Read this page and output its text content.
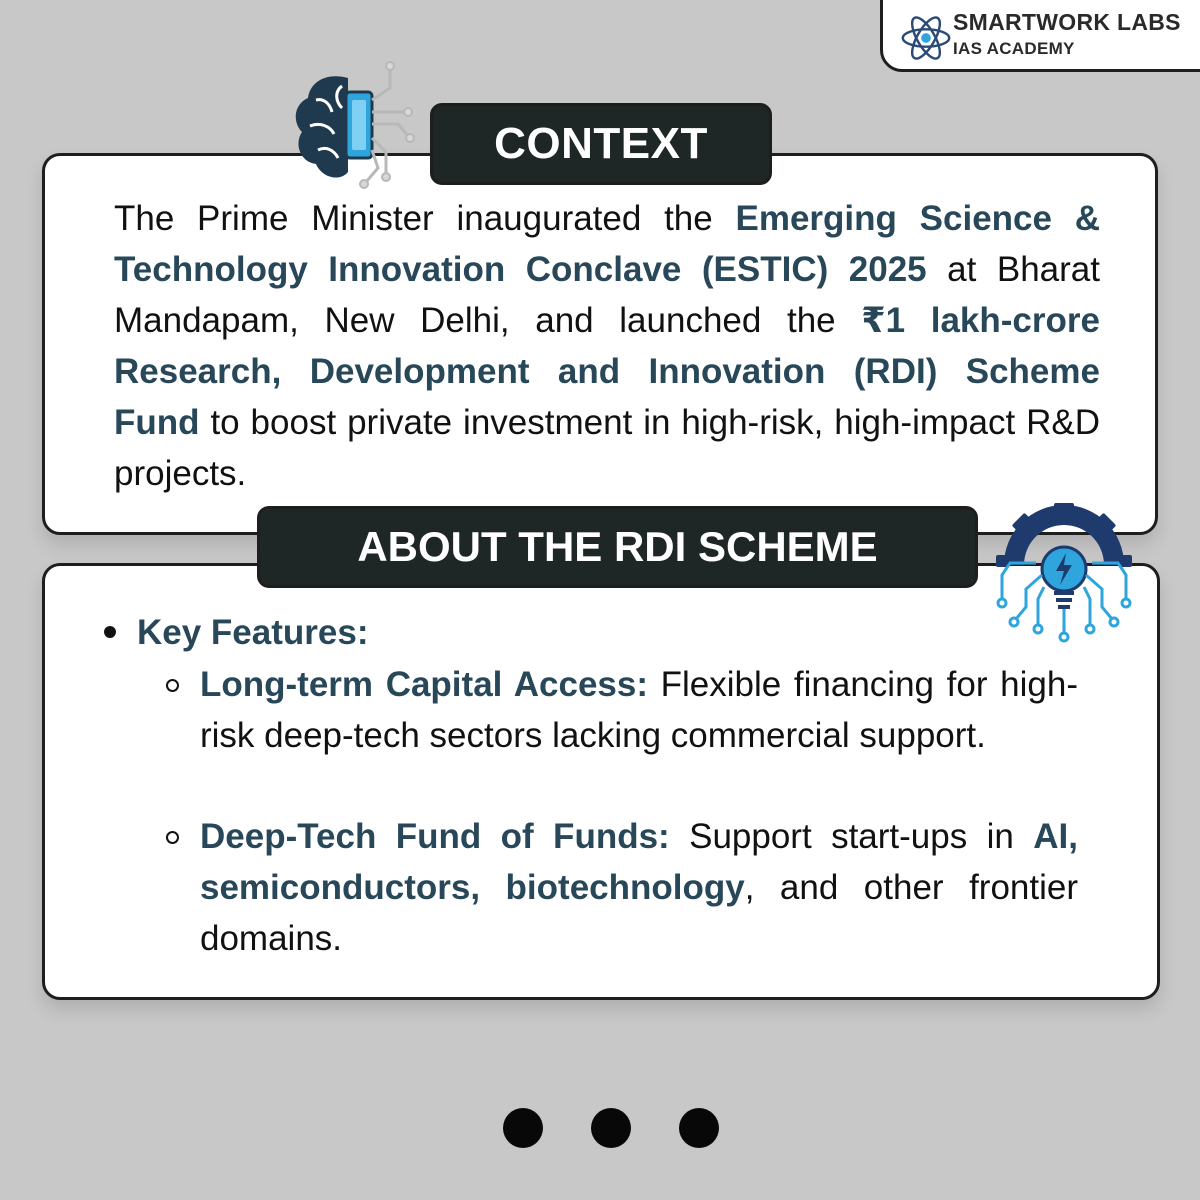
SMARTWORK LABS
IAS ACADEMY
CONTEXT
The Prime Minister inaugurated the Emerging Science & Technology Innovation Conclave (ESTIC) 2025 at Bharat Mandapam, New Delhi, and launched the ₹1 lakh-crore Research, Development and Innovation (RDI) Scheme Fund to boost private investment in high-risk, high-impact R&D projects.
ABOUT THE RDI SCHEME
Key Features:
Long-term Capital Access: Flexible financing for high-risk deep-tech sectors lacking commercial support.
Deep-Tech Fund of Funds: Support start-ups in AI, semiconductors, biotechnology, and other frontier domains.
